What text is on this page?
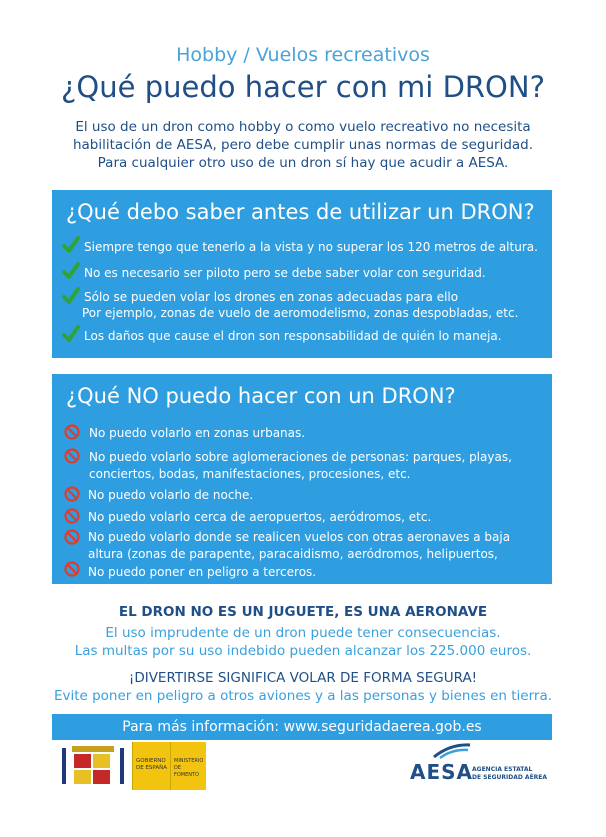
Hobby / Vuelos recreativos
¿Qué puedo hacer con mi DRON?
El uso de un dron como hobby o como vuelo recreativo no necesita
habilitación de AESA, pero debe cumplir unas normas de seguridad.
Para cualquier otro uso de un dron sí hay que acudir a AESA.
¿Qué debo saber antes de utilizar un DRON?
Siempre tengo que tenerlo a la vista y no superar los 120 metros de altura.
No es necesario ser piloto pero se debe saber volar con seguridad.
Sólo se pueden volar los drones en zonas adecuadas para ello
Por ejemplo, zonas de vuelo de aeromodelismo, zonas despobladas, etc.
Los daños que cause el dron son responsabilidad de quién lo maneja.
¿Qué NO puedo hacer con un DRON?
No puedo volarlo en zonas urbanas.
No puedo volarlo sobre aglomeraciones de personas: parques, playas,
conciertos, bodas, manifestaciones, procesiones, etc.
No puedo volarlo de noche.
No puedo volarlo cerca de aeropuertos, aeródromos, etc.
No puedo volarlo donde se realicen vuelos con otras aeronaves a baja
altura (zonas de parapente, paracaidismo, aeródromos, helipuertos,
No puedo poner en peligro a terceros.
EL DRON NO ES UN JUGUETE, ES UNA AERONAVE
El uso imprudente de un dron puede tener consecuencias.
Las multas por su uso indebido pueden alcanzar los 225.000 euros.
¡DIVERTIRSE SIGNIFICA VOLAR DE FORMA SEGURA!
Evite poner en peligro a otros aviones y a las personas y bienes en tierra.
Para más información: www.seguridadaerea.gob.es
GOBIERNO
DE ESPAÑA
MINISTERIO
DE FOMENTO	AESA
AGENCIA ESTATAL
DE SEGURIDAD AÉREA
